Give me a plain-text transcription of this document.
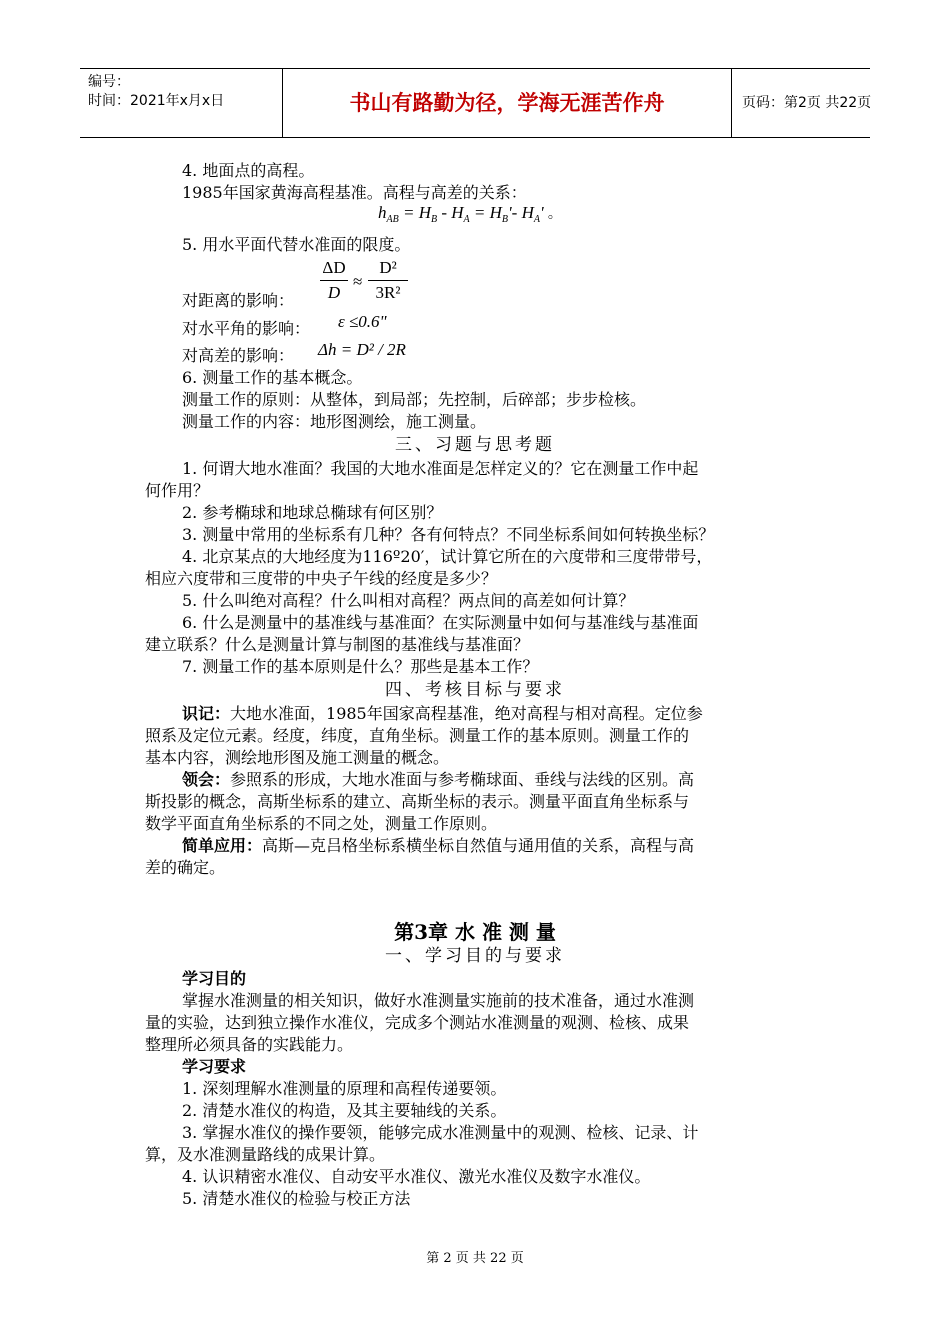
编号：
时间：2021年x月x日	书山有路勤为径，学海无涯苦作舟	页码：第2页 共22页
4. 地面点的高程。
1985年国家黄海高程基准。高程与高差的关系：
$h_{AB} = H_B - H_A = H_B'-$ $H_A'$ 。
5. 用水平面代替水准面的限度。
ΔD
D
≈
D²
3R²
对距离的影响：
对水平角的影响： ε ≤0.6"
对高差的影响： Δh = D² / 2R
6. 测量工作的基本概念。
测量工作的原则：从整体，到局部；先控制，后碎部；步步检核。
测量工作的内容：地形图测绘，施工测量。
三、习题与思考题
1. 何谓大地水准面？我国的大地水准面是怎样定义的？它在测量工作中起
何作用？
2. 参考椭球和地球总椭球有何区别？
3. 测量中常用的坐标系有几种？各有何特点？不同坐标系间如何转换坐标？
4. 北京某点的大地经度为116º20′，试计算它所在的六度带和三度带带号，
相应六度带和三度带的中央子午线的经度是多少？
5. 什么叫绝对高程？什么叫相对高程？两点间的高差如何计算？
6. 什么是测量中的基准线与基准面？在实际测量中如何与基准线与基准面
建立联系？什么是测量计算与制图的基准线与基准面？
7. 测量工作的基本原则是什么？那些是基本工作？
四、考核目标与要求
识记：大地水准面，1985年国家高程基准，绝对高程与相对高程。定位参
照系及定位元素。经度，纬度，直角坐标。测量工作的基本原则。测量工作的
基本内容，测绘地形图及施工测量的概念。
领会：参照系的形成，大地水准面与参考椭球面、垂线与法线的区别。高
斯投影的概念，高斯坐标系的建立、高斯坐标的表示。测量平面直角坐标系与
数学平面直角坐标系的不同之处，测量工作原则。
简单应用：高斯—克吕格坐标系横坐标自然值与通用值的关系，高程与高
差的确定。
第3章 水 准 测 量
一、学习目的与要求
学习目的
掌握水准测量的相关知识，做好水准测量实施前的技术准备，通过水准测
量的实验，达到独立操作水准仪，完成多个测站水准测量的观测、检核、成果
整理所必须具备的实践能力。
学习要求
1. 深刻理解水准测量的原理和高程传递要领。
2. 清楚水准仪的构造，及其主要轴线的关系。
3. 掌握水准仪的操作要领，能够完成水准测量中的观测、检核、记录、计
算，及水准测量路线的成果计算。
4. 认识精密水准仪、自动安平水准仪、激光水准仪及数字水准仪。
5. 清楚水准仪的检验与校正方法
第 2 页 共 22 页
